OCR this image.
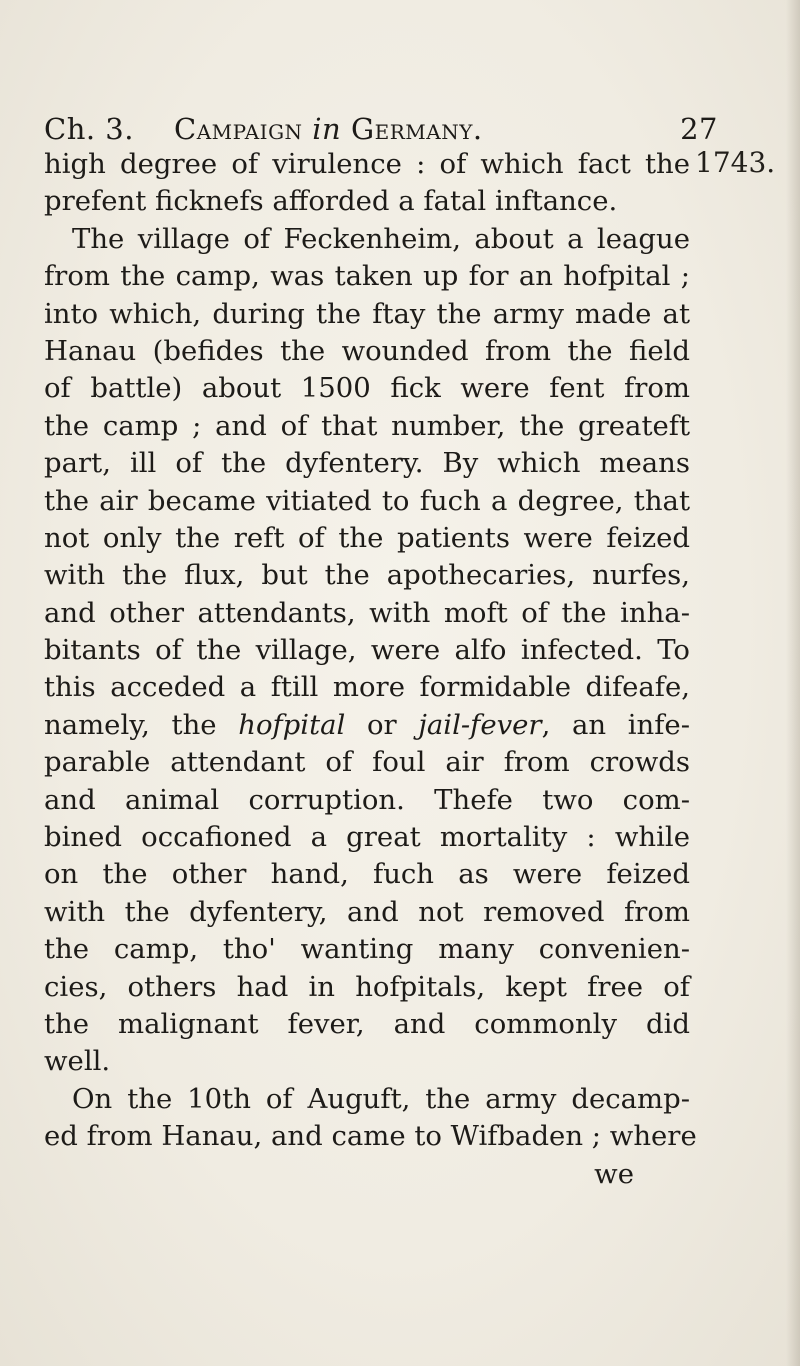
Ch. 3. Campaign in Germany.	27
1743.
high degree of virulence : of which fact the
prefent ficknefs afforded a fatal inftance.
The village of Feckenheim, about a league
from the camp, was taken up for an hofpital ;
into which, during the ftay the army made at
Hanau (befides the wounded from the field
of battle) about 1500 fick were fent from
the camp ; and of that number, the greateft
part, ill of the dyfentery. By which means
the air became vitiated to fuch a degree, that
not only the reft of the patients were feized
with the flux, but the apothecaries, nurfes,
and other attendants, with moft of the inha-
bitants of the village, were alfo infected. To
this acceded a ftill more formidable difeafe,
namely, the hofpital or jail-fever, an infe-
parable attendant of foul air from crowds
and animal corruption. Thefe two com-
bined occafioned a great mortality : while
on the other hand, fuch as were feized
with the dyfentery, and not removed from
the camp, tho' wanting many convenien-
cies, others had in hofpitals, kept free of
the malignant fever, and commonly did
well.
On the 10th of Auguft, the army decamp-
ed from Hanau, and came to Wifbaden ; where
we
